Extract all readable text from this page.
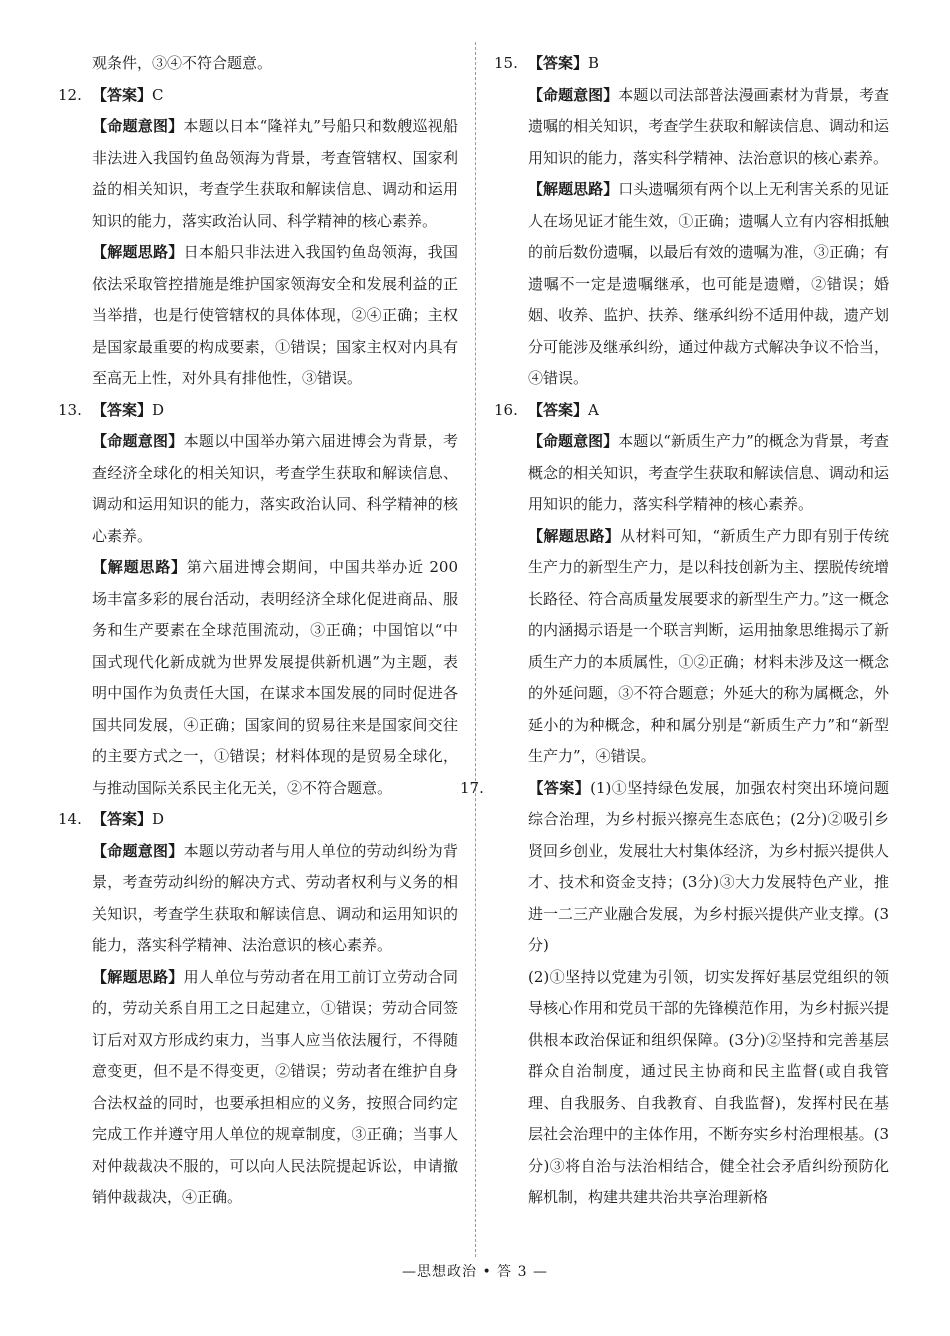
观条件，③④不符合题意。

12. 【答案】C

【命题意图】本题以日本“隆祥丸”号船只和数艘巡视船非法进入我国钓鱼岛领海为背景，考查管辖权、国家利益的相关知识，考查学生获取和解读信息、调动和运用知识的能力，落实政治认同、科学精神的核心素养。

【解题思路】日本船只非法进入我国钓鱼岛领海，我国依法采取管控措施是维护国家领海安全和发展利益的正当举措，也是行使管辖权的具体体现，②④正确；主权是国家最重要的构成要素，①错误；国家主权对内具有至高无上性，对外具有排他性，③错误。

13. 【答案】D

【命题意图】本题以中国举办第六届进博会为背景，考查经济全球化的相关知识，考查学生获取和解读信息、调动和运用知识的能力，落实政治认同、科学精神的核心素养。

【解题思路】第六届进博会期间，中国共举办近 200 场丰富多彩的展台活动，表明经济全球化促进商品、服务和生产要素在全球范围流动，③正确；中国馆以“中国式现代化新成就为世界发展提供新机遇”为主题，表明中国作为负责任大国，在谋求本国发展的同时促进各国共同发展，④正确；国家间的贸易往来是国家间交往的主要方式之一，①错误；材料体现的是贸易全球化，与推动国际关系民主化无关，②不符合题意。

14. 【答案】D

【命题意图】本题以劳动者与用人单位的劳动纠纷为背景，考查劳动纠纷的解决方式、劳动者权利与义务的相关知识，考查学生获取和解读信息、调动和运用知识的能力，落实科学精神、法治意识的核心素养。

【解题思路】用人单位与劳动者在用工前订立劳动合同的，劳动关系自用工之日起建立，①错误；劳动合同签订后对双方形成约束力，当事人应当依法履行，不得随意变更，但不是不得变更，②错误；劳动者在维护自身合法权益的同时，也要承担相应的义务，按照合同约定完成工作并遵守用人单位的规章制度，③正确；当事人对仲裁裁决不服的，可以向人民法院提起诉讼，申请撤销仲裁裁决，④正确。

15. 【答案】B

【命题意图】本题以司法部普法漫画素材为背景，考查遗嘱的相关知识，考查学生获取和解读信息、调动和运用知识的能力，落实科学精神、法治意识的核心素养。

【解题思路】口头遗嘱须有两个以上无利害关系的见证人在场见证才能生效，①正确；遗嘱人立有内容相抵触的前后数份遗嘱，以最后有效的遗嘱为准，③正确；有遗嘱不一定是遗嘱继承，也可能是遗赠，②错误；婚姻、收养、监护、扶养、继承纠纷不适用仲裁，遗产划分可能涉及继承纠纷，通过仲裁方式解决争议不恰当，④错误。

16. 【答案】A

【命题意图】本题以“新质生产力”的概念为背景，考查概念的相关知识，考查学生获取和解读信息、调动和运用知识的能力，落实科学精神的核心素养。

【解题思路】从材料可知，“新质生产力即有别于传统生产力的新型生产力，是以科技创新为主、摆脱传统增长路径、符合高质量发展要求的新型生产力。”这一概念的内涵揭示语是一个联言判断，运用抽象思维揭示了新质生产力的本质属性，①②正确；材料未涉及这一概念的外延问题，③不符合题意；外延大的称为属概念，外延小的为种概念，种和属分别是“新质生产力”和“新型生产力”，④错误。

17.	【答案】(1)①坚持绿色发展，加强农村突出环境问题综合治理，为乡村振兴擦亮生态底色；(2分)②吸引乡贤回乡创业，发展壮大村集体经济，为乡村振兴提供人才、技术和资金支持；(3分)③大力发展特色产业，推进一二三产业融合发展，为乡村振兴提供产业支撑。(3分)

(2)①坚持以党建为引领，切实发挥好基层党组织的领导核心作用和党员干部的先锋模范作用，为乡村振兴提供根本政治保证和组织保障。(3分)②坚持和完善基层群众自治制度，通过民主协商和民主监督(或自我管理、自我服务、自我教育、自我监督)，发挥村民在基层社会治理中的主体作用，不断夯实乡村治理根基。(3分)③将自治与法治相结合，健全社会矛盾纠纷预防化解机制，构建共建共治共享治理新格

—思想政治 • 答 3 —
